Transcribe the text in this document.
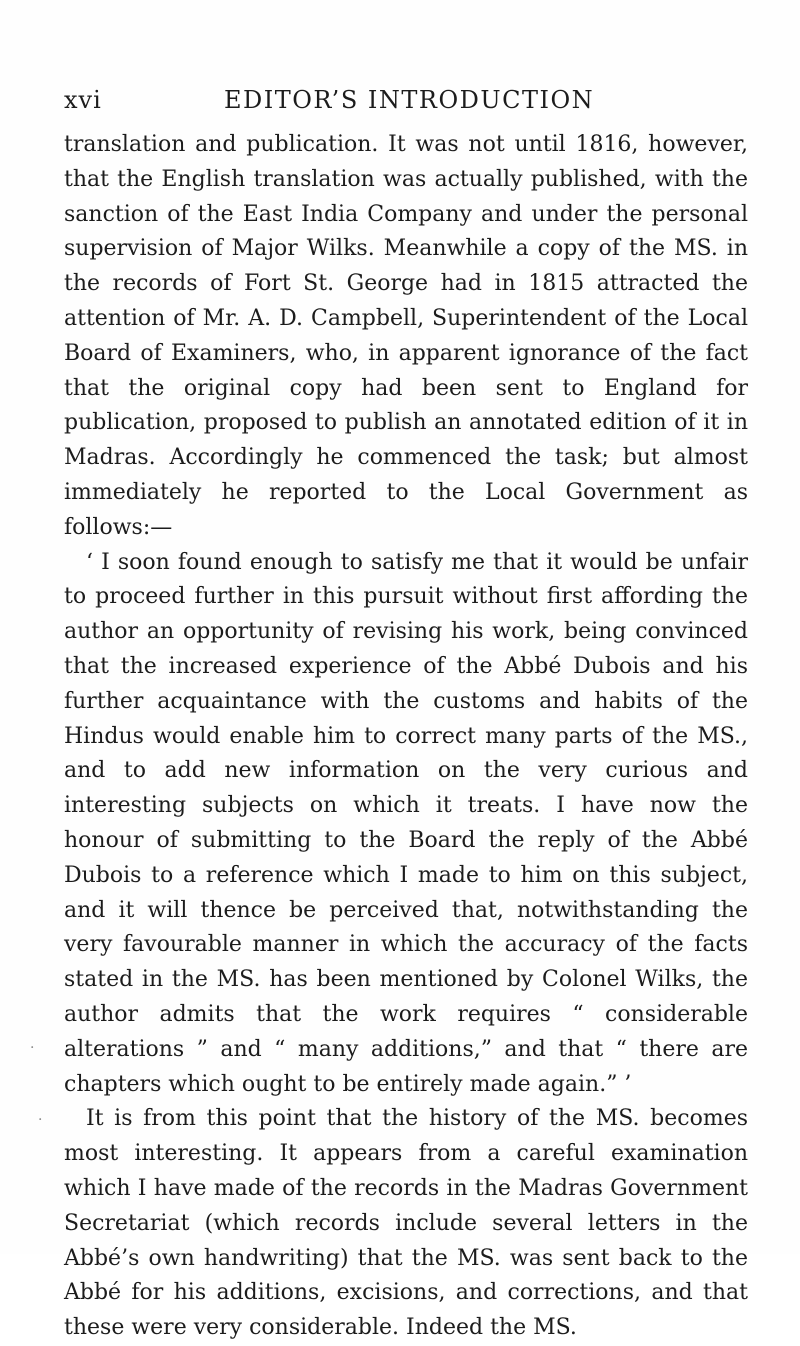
xvi	EDITOR’S INTRODUCTION

translation and publication. It was not until 1816, however, that the English translation was actually published, with the sanction of the East India Company and under the personal supervision of Major Wilks. Meanwhile a copy of the MS. in the records of Fort St. George had in 1815 attracted the attention of Mr. A. D. Campbell, Superintendent of the Local Board of Examiners, who, in apparent ignorance of the fact that the original copy had been sent to England for publication, proposed to publish an annotated edition of it in Madras. Accordingly he commenced the task; but almost immediately he reported to the Local Government as follows:—

‘ I soon found enough to satisfy me that it would be unfair to proceed further in this pursuit without first affording the author an opportunity of revising his work, being convinced that the increased experience of the Abbé Dubois and his further acquaintance with the customs and habits of the Hindus would enable him to correct many parts of the MS., and to add new information on the very curious and interesting subjects on which it treats. I have now the honour of submitting to the Board the reply of the Abbé Dubois to a reference which I made to him on this subject, and it will thence be perceived that, notwithstanding the very favourable manner in which the accuracy of the facts stated in the MS. has been mentioned by Colonel Wilks, the author admits that the work requires “ considerable alterations ” and “ many additions,” and that “ there are chapters which ought to be entirely made again.” ’

It is from this point that the history of the MS. becomes most interesting. It appears from a careful examination which I have made of the records in the Madras Government Secretariat (which records include several letters in the Abbé’s own handwriting) that the MS. was sent back to the Abbé for his additions, excisions, and corrections, and that these were very considerable. Indeed the MS.

·
·
